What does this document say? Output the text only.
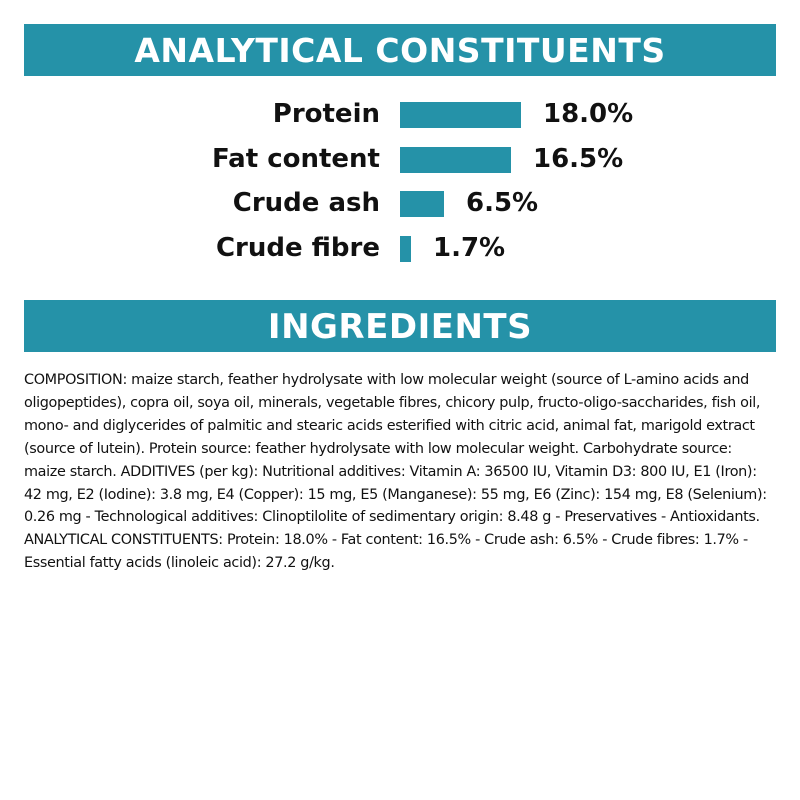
ANALYTICAL CONSTITUENTS
Protein	18.0%
Fat content	16.5%
Crude ash	6.5%
Crude fibre 1.7%
INGREDIENTS
COMPOSITION: maize starch, feather hydrolysate with low molecular weight (source of L-amino acids and oligopeptides), copra oil, soya oil, minerals, vegetable fibres, chicory pulp, fructo-oligo-saccharides, fish oil, mono- and diglycerides of palmitic and stearic acids esterified with citric acid, animal fat, marigold extract (source of lutein). Protein source: feather hydrolysate with low molecular weight. Carbohydrate source: maize starch. ADDITIVES (per kg): Nutritional additives: Vitamin A: 36500 IU, Vitamin D3: 800 IU, E1 (Iron): 42 mg, E2 (Iodine): 3.8 mg, E4 (Copper): 15 mg, E5 (Manganese): 55 mg, E6 (Zinc): 154 mg, E8 (Selenium): 0.26 mg - Technological additives: Clinoptilolite of sedimentary origin: 8.48 g - Preservatives - Antioxidants. ANALYTICAL CONSTITUENTS: Protein: 18.0% - Fat content: 16.5% - Crude ash: 6.5% - Crude fibres: 1.7% - Essential fatty acids (linoleic acid): 27.2 g/kg.
